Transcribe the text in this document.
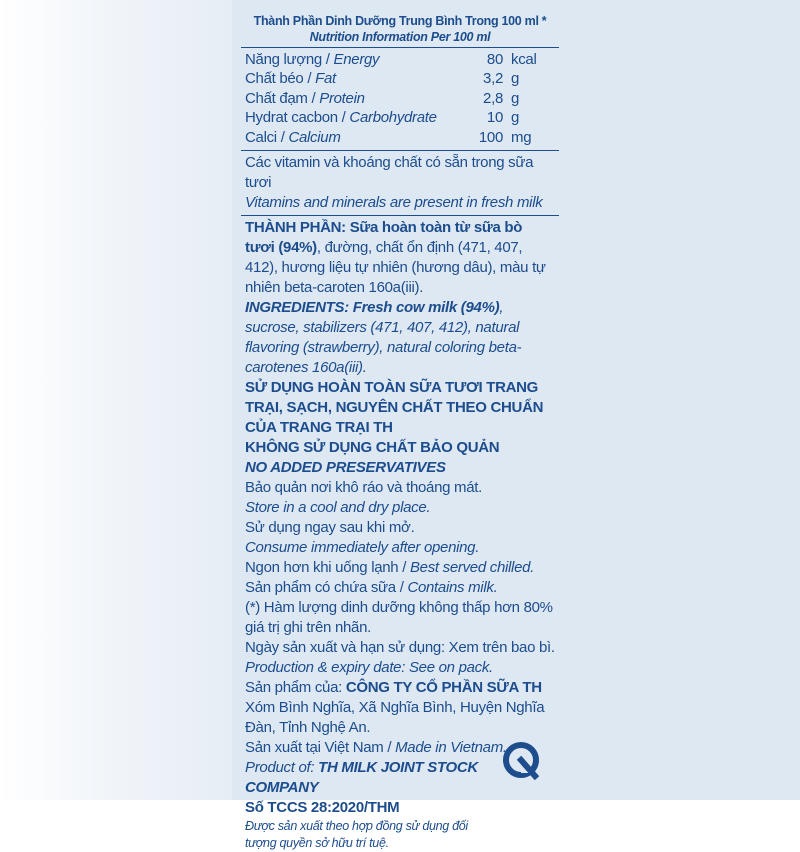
Thành Phần Dinh Dưỡng Trung Bình Trong 100 ml *
Nutrition Information Per 100 ml
Năng lượng / Energy	80 kcal
Chất béo / Fat	3,2 g
Chất đạm / Protein	2,8 g
Hydrat cacbon / Carbohydrate	10 g
Calci / Calcium	100 mg

Các vitamin và khoáng chất có sẵn trong sữa tươi

Vitamins and minerals are present in fresh milk

THÀNH PHẦN: Sữa hoàn toàn từ sữa bò tươi (94%), đường, chất ổn định (471, 407, 412), hương liệu tự nhiên (hương dâu), màu tự nhiên beta-caroten 160a(iii).

INGREDIENTS: Fresh cow milk (94%), sucrose, stabilizers (471, 407, 412), natural flavoring (strawberry), natural coloring beta-carotenes 160a(iii).

SỬ DỤNG HOÀN TOÀN SỮA TƯƠI TRANG TRẠI, SẠCH, NGUYÊN CHẤT THEO CHUẨN CỦA TRANG TRẠI TH

KHÔNG SỬ DỤNG CHẤT BẢO QUẢN

NO ADDED PRESERVATIVES

Bảo quản nơi khô ráo và thoáng mát.

Store in a cool and dry place.

Sử dụng ngay sau khi mở.

Consume immediately after opening.

Ngon hơn khi uống lạnh / Best served chilled.

Sản phẩm có chứa sữa / Contains milk.

(*) Hàm lượng dinh dưỡng không thấp hơn 80% giá trị ghi trên nhãn.

Ngày sản xuất và hạn sử dụng: Xem trên bao bì.

Production & expiry date: See on pack.

Sản phẩm của: CÔNG TY CỔ PHẦN SỮA TH

Xóm Bình Nghĩa, Xã Nghĩa Bình, Huyện Nghĩa Đàn, Tỉnh Nghệ An.

Sản xuất tại Việt Nam / Made in Vietnam.

Product of: TH MILK JOINT STOCK COMPANY

Số TCCS 28:2020/THM

Được sản xuất theo hợp đồng sử dụng đối tượng quyền sở hữu trí tuệ.
